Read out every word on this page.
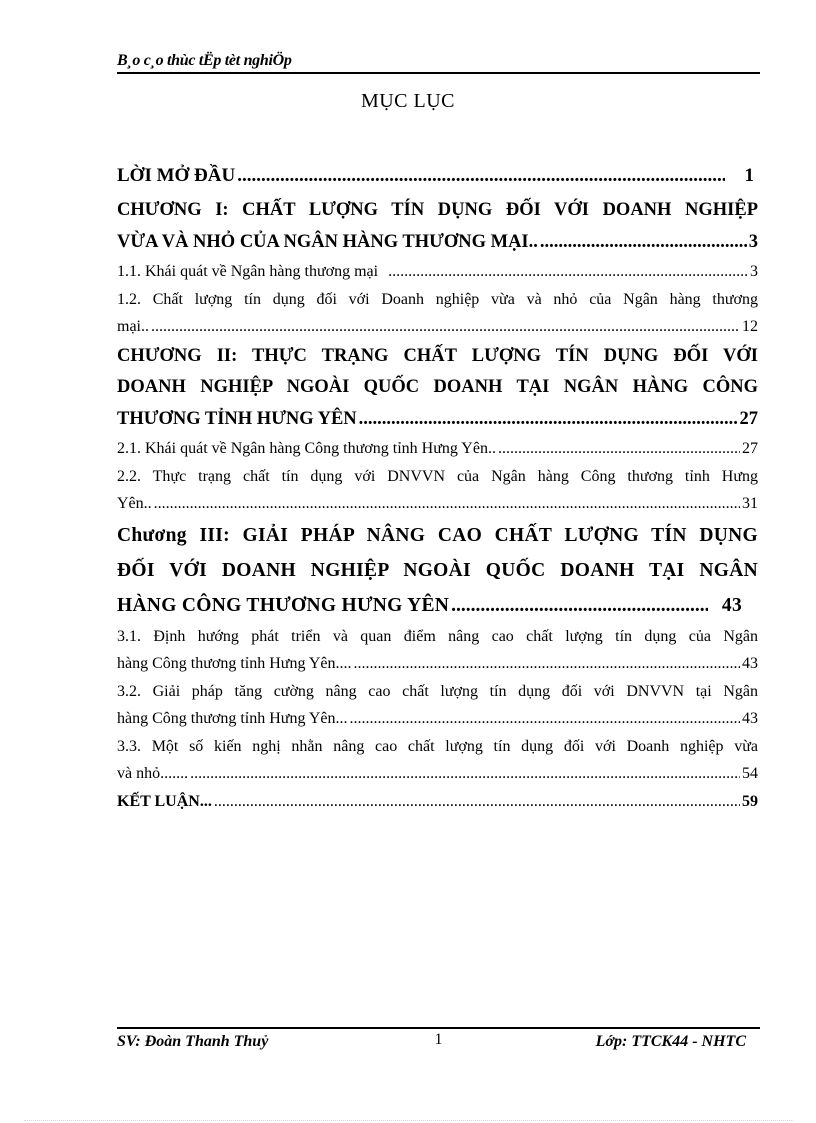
B¸o c¸o thùc tËp tèt nghiÖp
MỤC LỤC
LỜI MỞ ĐẦU .....	1
CHƯƠNG I: CHẤT LƯỢNG TÍN DỤNG ĐỐI VỚI DOANH NGHIỆP
VỪA VÀ NHỎ CỦA NGÂN HÀNG THƯƠNG MẠI.. .....	3
1.1. Khái quát về Ngân hàng thương mại .....	3
1.2. Chất lượng tín dụng đối với Doanh nghiệp vừa và nhỏ của Ngân hàng thương
mại.. .....	12
CHƯƠNG II: THỰC TRẠNG CHẤT LƯỢNG TÍN DỤNG ĐỐI VỚI
DOANH NGHIỆP NGOÀI QUỐC DOANH TẠI NGÂN HÀNG CÔNG
THƯƠNG TỈNH HƯNG YÊN .....	27
2.1. Khái quát về Ngân hàng Công thương tỉnh Hưng Yên.. .....	27
2.2. Thực trạng chất tín dụng với DNVVN của Ngân hàng Công thương tỉnh Hưng
Yên.. .....	31
Chương III: GIẢI PHÁP NÂNG CAO CHẤT LƯỢNG TÍN DỤNG
ĐỐI VỚI DOANH NGHIỆP NGOÀI QUỐC DOANH TẠI NGÂN
HÀNG CÔNG THƯƠNG HƯNG YÊN .....	43
3.1. Định hướng phát triển và quan điểm nâng cao chất lượng tín dụng của Ngân
hàng Công thương tỉnh Hưng Yên.... .....	43
3.2. Giải pháp tăng cường nâng cao chất lượng tín dụng đối với DNVVN tại Ngân
hàng Công thương tỉnh Hưng Yên... .....	43
3.3. Một số kiến nghị nhằn nâng cao chất lượng tín dụng đối với Doanh nghiệp vừa
và nhỏ....... .....	54
KẾT LUẬN... .....	59
SV: Đoàn Thanh Thuỷ	1	Lớp: TTCK44 - NHTC
